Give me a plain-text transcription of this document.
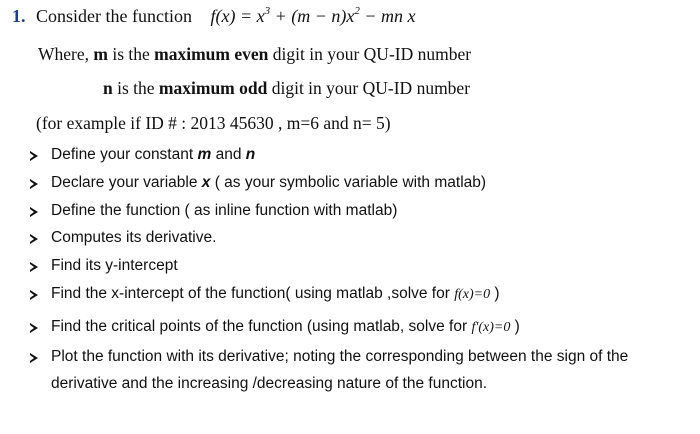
1. Consider the function $f(x) = x^3 + (m - n)x^2$ − mn x
Where, m is the maximum even digit in your QU-ID number
n is the maximum odd digit in your QU-ID number
(for example if ID # : 2013 45630 , m=6 and n= 5)
Define your constant m and n
Declare your variable x ( as your symbolic variable with matlab)
Define the function ( as inline function with matlab)
Computes its derivative.
Find its y-intercept
Find the x-intercept of the function( using matlab ,solve for f(x)=0 )
Find the critical points of the function (using matlab, solve for f′(x)=0 )
Plot the function with its derivative; noting the corresponding between the sign of the
derivative and the increasing /decreasing nature of the function.
